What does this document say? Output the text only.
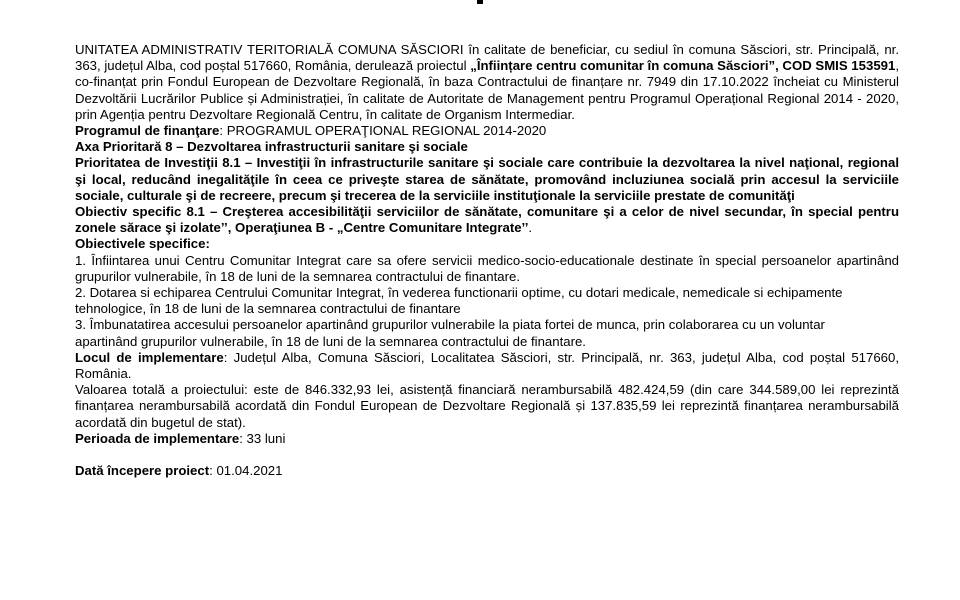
UNITATEA ADMINISTRATIV TERITORIALĂ COMUNA SĂSCIORI în calitate de beneficiar, cu sediul în comuna Săsciori, str. Principală, nr. 363, județul Alba, cod poștal 517660, România, derulează proiectul „Înființare centru comunitar în comuna Săsciori”, COD SMIS 153591, co-finanțat prin Fondul European de Dezvoltare Regională, în baza Contractului de finanțare nr. 7949 din 17.10.2022 încheiat cu Ministerul Dezvoltării Lucrărilor Publice și Administrației, în calitate de Autoritate de Management pentru Programul Operațional Regional 2014 - 2020, prin Agenția pentru Dezvoltare Regională Centru, în calitate de Organism Intermediar.

Programul de finanţare: PROGRAMUL OPERAŢIONAL REGIONAL 2014-2020

Axa Prioritară 8 – Dezvoltarea infrastructurii sanitare şi sociale

Prioritatea de Investiţii 8.1 – Investiţii în infrastructurile sanitare şi sociale care contribuie la dezvoltarea la nivel naţional, regional şi local, reducând inegalităţile în ceea ce priveşte starea de sănătate, promovând incluziunea socială prin accesul la serviciile sociale, culturale şi de recreere, precum şi trecerea de la serviciile instituţionale la serviciile prestate de comunităţi

Obiectiv specific 8.1 – Creşterea accesibilităţii serviciilor de sănătate, comunitare şi a celor de nivel secundar, în special pentru zonele sărace şi izolate’’, Operaţiunea B - „Centre Comunitare Integrate’’.

Obiectivele specifice:

1. Înfiintarea unui Centru Comunitar Integrat care sa ofere servicii medico-socio-educationale destinate în special persoanelor apartinând grupurilor vulnerabile, în 18 de luni de la semnarea contractului de finantare.

2. Dotarea si echiparea Centrului Comunitar Integrat, în vederea functionarii optime, cu dotari medicale, nemedicale si echipamente

tehnologice, în 18 de luni de la semnarea contractului de finantare

3. Îmbunatatirea accesului persoanelor apartinând grupurilor vulnerabile la piata fortei de munca, prin colaborarea cu un voluntar

apartinând grupurilor vulnerabile, în 18 de luni de la semnarea contractului de finantare.

Locul de implementare: Județul Alba, Comuna Săsciori, Localitatea Săsciori, str. Principală, nr. 363, județul Alba, cod poștal 517660, România.

Valoarea totală a proiectului: este de 846.332,93 lei, asistență financiară nerambursabilă 482.424,59 (din care 344.589,00 lei reprezintă finanțarea nerambursabilă acordată din Fondul European de Dezvoltare Regională și 137.835,59 lei reprezintă finanțarea nerambursabilă acordată din bugetul de stat).

Perioada de implementare: 33 luni

Dată începere proiect: 01.04.2021
